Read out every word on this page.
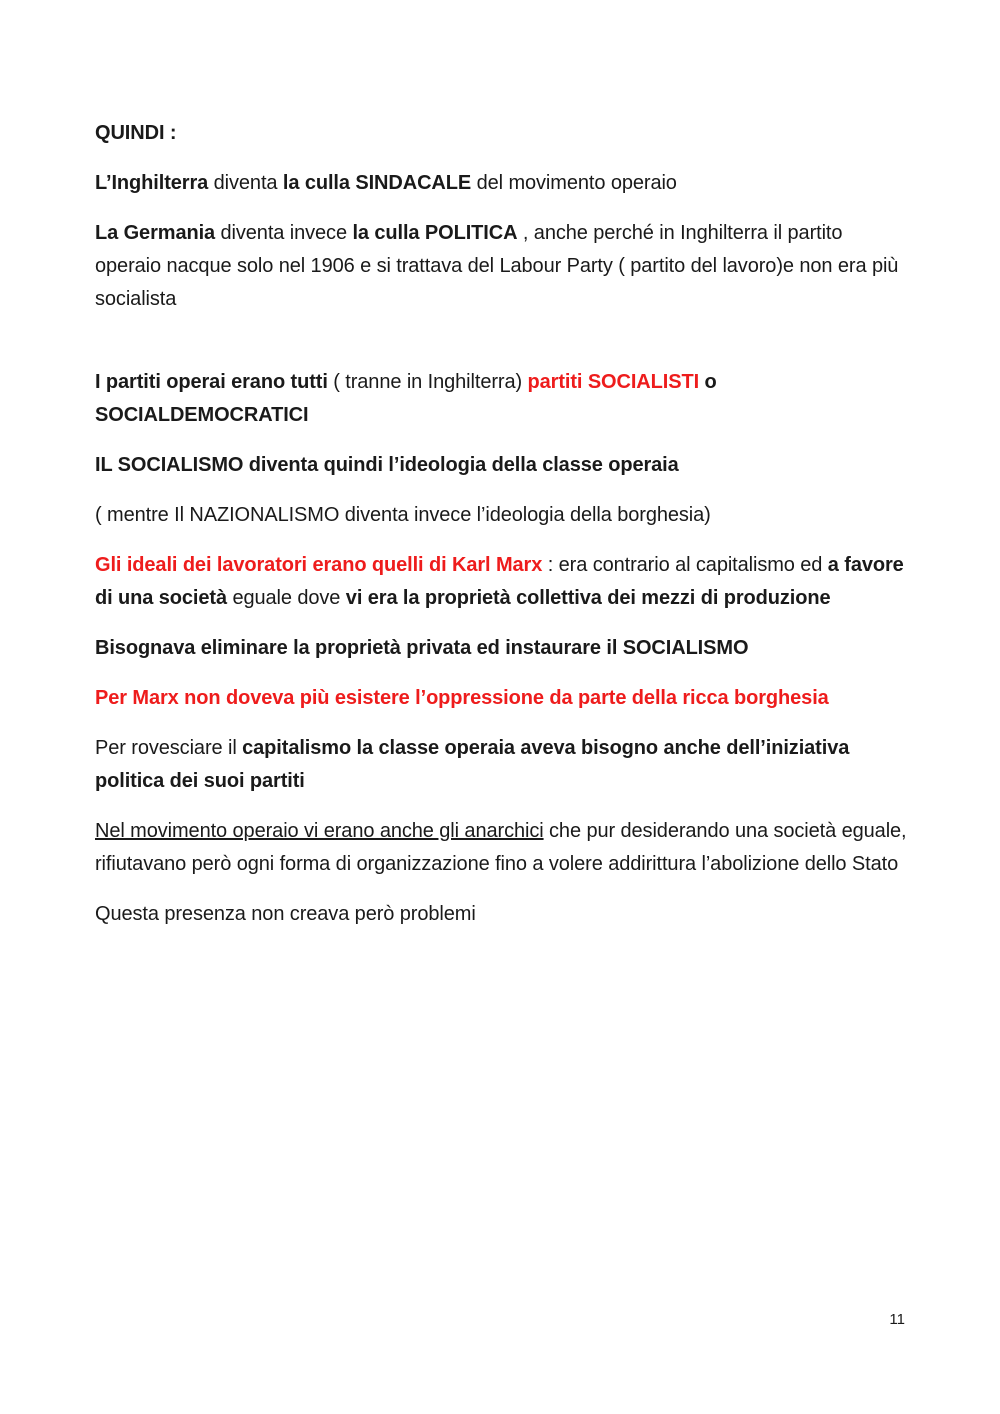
QUINDI :

L’Inghilterra diventa la culla SINDACALE del movimento operaio

La Germania diventa invece la culla POLITICA , anche perché in Inghilterra il partito operaio nacque solo nel 1906 e si trattava del Labour Party ( partito del lavoro)e non era più socialista

I partiti operai erano tutti ( tranne in Inghilterra) partiti SOCIALISTI o SOCIALDEMOCRATICI

IL SOCIALISMO diventa quindi l’ideologia della classe operaia

( mentre Il NAZIONALISMO diventa invece l’ideologia della borghesia)

Gli ideali dei lavoratori erano quelli di Karl Marx : era contrario al capitalismo ed a favore di una società eguale dove vi era la proprietà collettiva dei mezzi di produzione

Bisognava eliminare la proprietà privata ed instaurare il SOCIALISMO

Per Marx non doveva più esistere l’oppressione da parte della ricca borghesia

Per rovesciare il capitalismo la classe operaia aveva bisogno anche dell’iniziativa politica dei suoi partiti

Nel movimento operaio vi erano anche gli anarchici che pur desiderando una società eguale, rifiutavano però ogni forma di organizzazione fino a volere addirittura l’abolizione dello Stato

Questa presenza non creava però problemi

11
